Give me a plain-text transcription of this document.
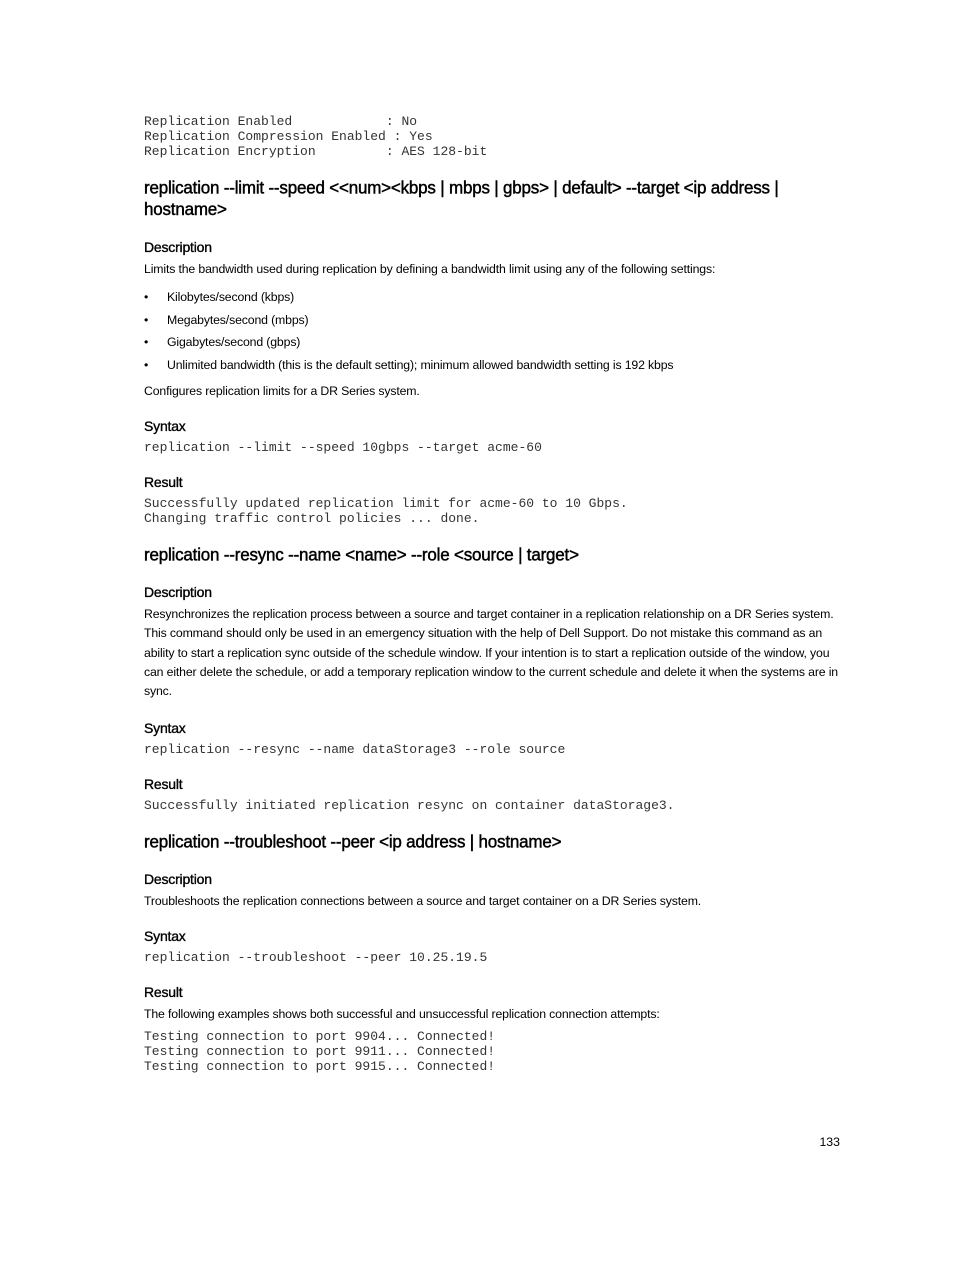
Replication Enabled            : No
Replication Compression Enabled : Yes
Replication Encryption         : AES 128-bit
replication --limit --speed <<num><kbps | mbps | gbps> | default> --target <ip address | hostname>
Description

Limits the bandwidth used during replication by defining a bandwidth limit using any of the following settings:

• Kilobytes/second (kbps)
• Megabytes/second (mbps)
• Gigabytes/second (gbps)
• Unlimited bandwidth (this is the default setting); minimum allowed bandwidth setting is 192 kbps

Configures replication limits for a DR Series system.

Syntax
replication --limit --speed 10gbps --target acme-60
Result
Successfully updated replication limit for acme-60 to 10 Gbps.
Changing traffic control policies ... done.
replication --resync --name <name> --role <source | target>
Description

Resynchronizes the replication process between a source and target container in a replication relationship on a DR Series system. This command should only be used in an emergency situation with the help of Dell Support. Do not mistake this command as an ability to start a replication sync outside of the schedule window. If your intention is to start a replication outside of the window, you can either delete the schedule, or add a temporary replication window to the current schedule and delete it when the systems are in sync.

Syntax
replication --resync --name dataStorage3 --role source
Result
Successfully initiated replication resync on container dataStorage3.
replication --troubleshoot --peer <ip address | hostname>
Description

Troubleshoots the replication connections between a source and target container on a DR Series system.

Syntax
replication --troubleshoot --peer 10.25.19.5
Result

The following examples shows both successful and unsuccessful replication connection attempts:

Testing connection to port 9904... Connected!
Testing connection to port 9911... Connected!
Testing connection to port 9915... Connected!
133
